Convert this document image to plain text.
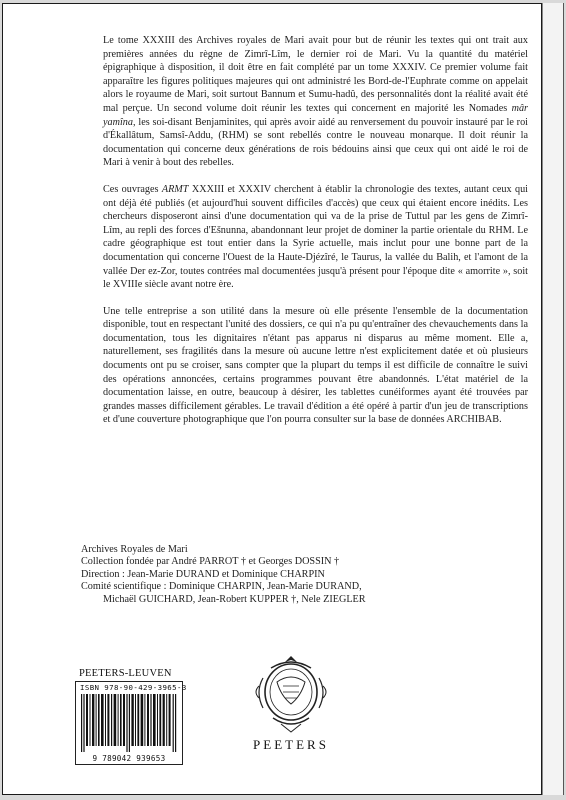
Le tome XXXIII des Archives royales de Mari avait pour but de réunir les textes qui ont trait aux premières années du règne de Zimrî-Lîm, le dernier roi de Mari. Vu la quantité du matériel épigraphique à disposition, il doit être en fait complété par un tome XXXIV. Ce premier volume fait apparaître les figures politiques majeures qui ont administré les Bord-de-l'Euphrate comme on appelait alors le royaume de Mari, soit surtout Bannum et Sumu-hadû, des personnalités dont la réalité avait été mal perçue. Un second volume doit réunir les textes qui concernent en majorité les Nomades mâr yamîna, les soi-disant Benjaminites, qui après avoir aidé au renversement du pouvoir instauré par le roi d'Ékallâtum, Samsî-Addu, (RHM) se sont rebellés contre le nouveau monarque. Il doit réunir la documentation qui concerne deux générations de rois bédouins ainsi que ceux qui ont aidé le roi de Mari à venir à bout des rebelles.

Ces ouvrages ARMT XXXIII et XXXIV cherchent à établir la chronologie des textes, autant ceux qui ont déjà été publiés (et aujourd'hui souvent difficiles d'accès) que ceux qui étaient encore inédits. Les chercheurs disposeront ainsi d'une documentation qui va de la prise de Tuttul par les gens de Zimrî-Lîm, au repli des forces d'Ešnunna, abandonnant leur projet de dominer la partie orientale du RHM. Le cadre géographique est tout entier dans la Syrie actuelle, mais inclut pour une bonne part de la documentation qui concerne l'Ouest de la Haute-Djézîré, le Taurus, la vallée du Balih, et l'amont de la vallée Der ez-Zor, toutes contrées mal documentées jusqu'à présent pour l'époque dite « amorrite », soit le XVIIIe siècle avant notre ère.

Une telle entreprise a son utilité dans la mesure où elle présente l'ensemble de la documentation disponible, tout en respectant l'unité des dossiers, ce qui n'a pu qu'entraîner des chevauchements dans la documentation, tous les dignitaires n'étant pas apparus ni disparus au même moment. Elle a, naturellement, ses fragilités dans la mesure où aucune lettre n'est explicitement datée et où plusieurs documents ont pu se croiser, sans compter que la plupart du temps il est difficile de connaître le suivi des opérations annoncées, certains programmes pouvant être abandonnés. L'état matériel de la documentation laisse, en outre, beaucoup à désirer, les tablettes cunéiformes ayant été trouvées par grandes masses difficilement gérables. Le travail d'édition a été opéré à partir d'un jeu de transcriptions et d'une couverture photographique que l'on pourra consulter sur la base de données ARCHIBAB.

Archives Royales de Mari
Collection fondée par André PARROT † et Georges DOSSIN †
Direction : Jean-Marie DURAND et Dominique CHARPIN
Comité scientifique : Dominique CHARPIN, Jean-Marie DURAND,
Michaël GUICHARD, Jean-Robert KUPPER †, Nele ZIEGLER
PEETERS-LEUVEN
ISBN 978-90-429-3965-3
9 789042 939653
PEETERS
